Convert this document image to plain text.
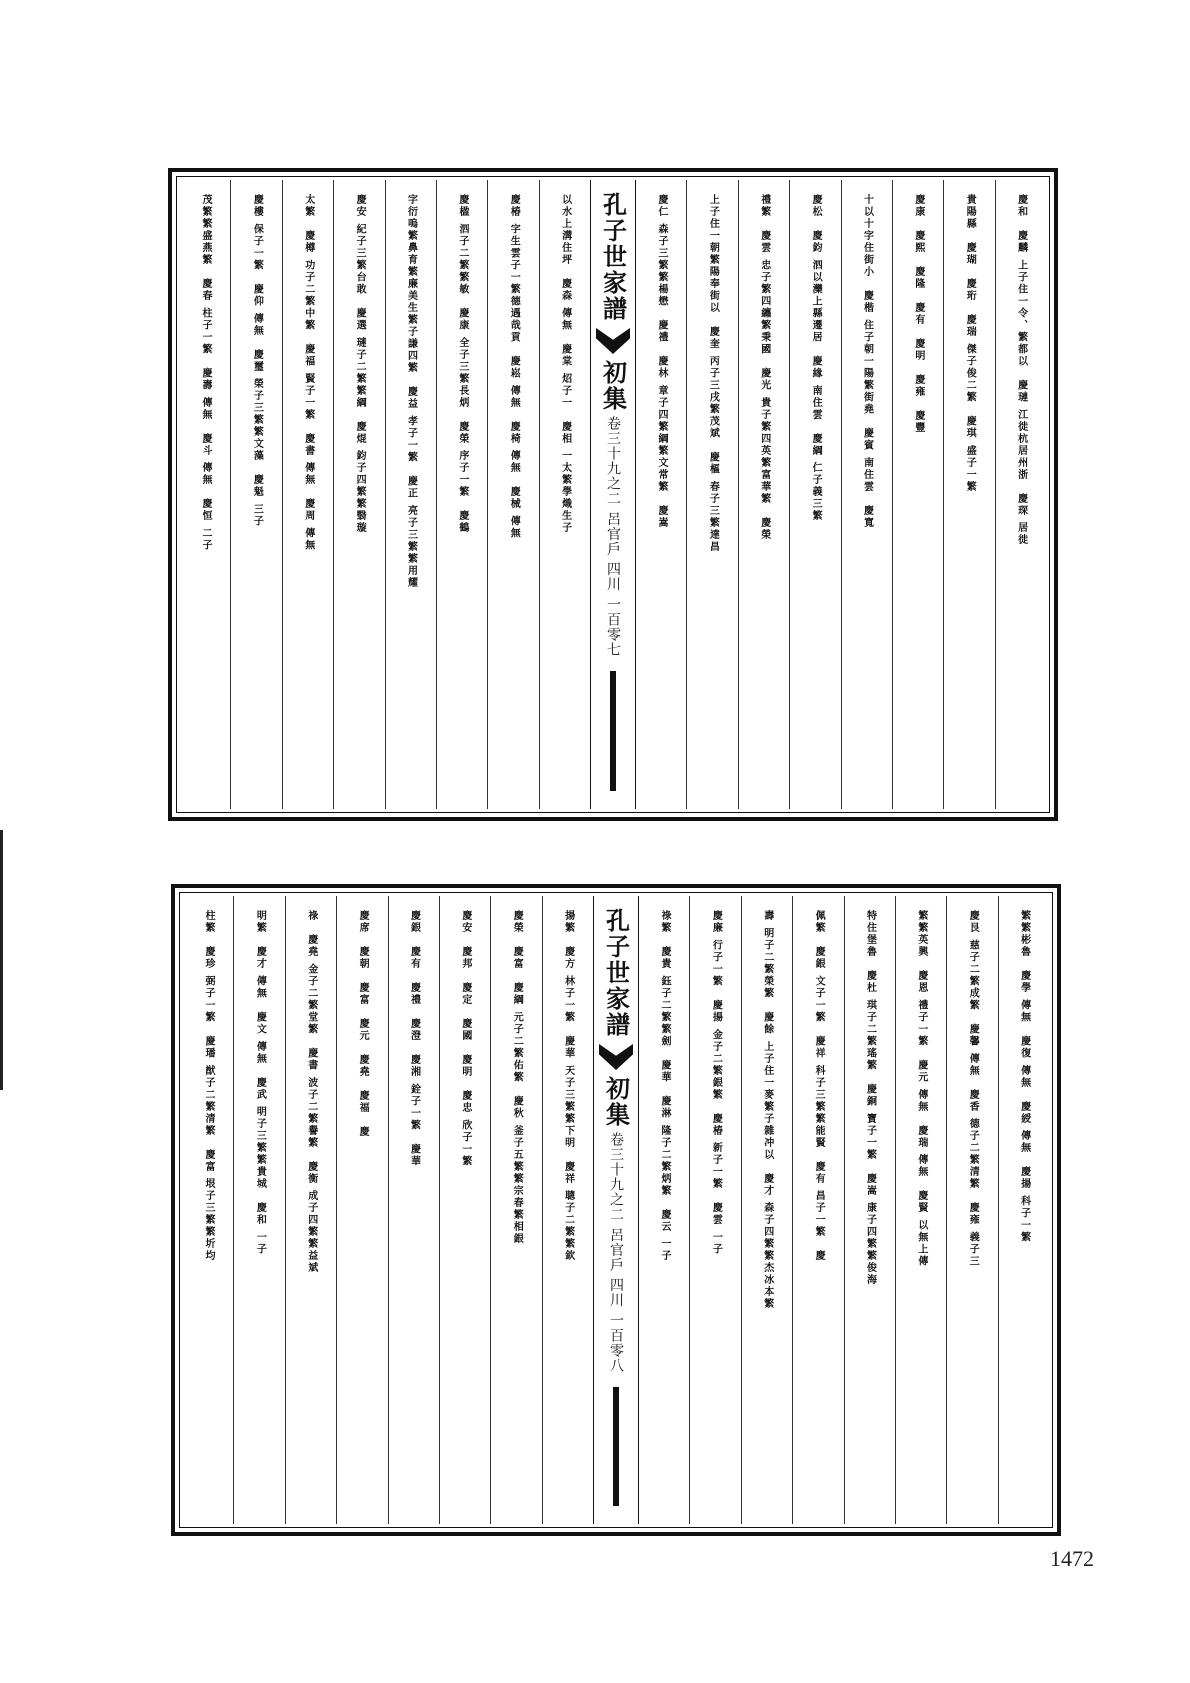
慶和　慶麟 上子住一令、繁都以　慶璉 江徙杭居州浙　慶琛 居徙
貴陽縣　慶瑚　慶珩　慶瑞 傑子俊二繁　慶琪 盛子一繁
慶康　慶熙　慶隆　慶有　慶明　慶雍　慶豐
十以十字住街小　慶楷 住子朝一陽繁街堯　慶賓 南住雲　慶寬
慶松　慶鈞 泗以灤上縣遷居　慶緣 南住雲　慶綱 仁子義三繁
禮繁　慶雲 忠子繁四纏繁秉國　慶光 貴子繁四英繁富華繁　慶榮
上子住一朝繁陽奉街以　慶奎 丙子三戌繁茂斌　慶樞 春子三繁達昌
慶仁 森子三繁繁楊懋　慶禮　慶林 章子四繁綱繁文常繁　慶嵩
孔子世家譜
初集
卷三十九之二 呂官戶 四川 一百零七
以水上溝住坪　慶森 傳無　慶棠 炤子一　慶相 一太繁學熾生子
慶椿 字生雲子一繁德遇哉貢　慶崧 傳無　慶椅 傳無　慶械 傳無
慶楹 泗子二繁繁敏　慶康 全子三繁長炳　慶榮 序子一繁　慶鶴
字衍嗚繁鼻育繁廉美生繁子謙四繁　慶益 孝子一繁　慶正 亮子三繁繁用耀
慶安 紀子三繁台敢　慶選 璉子二繁繁綱　慶焜 鈞子四繁繁翳璇
太繁　慶樽 功子二繁中繁　慶福 賢子一繁　慶書 傳無　慶周 傳無
慶樓 保子一繁　慶仰 傳無　慶璽 榮子三繁繁文藻　慶魁 三子
茂繁繁盛燕繁　慶春 柱子一繁　慶壽 傳無　慶斗 傳無　慶恒 二子
繁繁彬魯　慶學 傳無　慶復 傳無　慶綬 傳無　慶揚 科子一繁
慶艮 慈子二繁成繁　慶馨 傳無　慶香 德子二繁清繁　慶雍 義子三
繁繁英興　慶恩 禮子一繁　慶元 傳無　慶瑞 傳無　慶賢 以無上傳
特住堡魯　慶杜 琪子二繁瑤繁　慶銅 寶子一繁　慶嵩 康子四繁繁俊海
佩繁　慶銀 文子一繁　慶祥 科子三繁繁能賢　慶有 昌子一繁　慶
壽 明子二繁榮繁　慶餘 上子住一麥繁子雜冲以　慶才 森子四繁繁杰冰本繁
慶廉 行子一繁　慶揚 金子二繁銀繁　慶椿 新子一繁　慶雲 一子
祿繁　慶貴 鈺子二繁繁劍　慶華　慶淋 隆子二繁炳繁　慶云 一子
孔子世家譜
初集
卷三十九之二 呂官戶 四川 一百零八
揚繁　慶方 林子一繁　慶華 天子三繁繁下明　慶祥 聰子二繁繁欽
慶榮　慶富　慶綱 元子二繁佑繁　慶秋 釜子五繁繁宗春繁相銀
慶安　慶邦　慶定　慶國　慶明　慶忠 欣子一繁
慶銀　慶有　慶禮　慶澄　慶湘 銓子一繁　慶華
慶席　慶朝　慶富　慶元　慶堯　慶福　慶
祿　慶堯 金子二繁堂繁　慶書 波子二繁譽繁　慶衡 成子四繁繁益斌
明繁　慶才 傳無　慶文 傳無　慶武 明子三繁繁貴城　慶和 一子
柱繁　慶珍 弼子一繁　慶璠 猷子二繁清繁　慶富 垠子三繁繁圻均
1472
